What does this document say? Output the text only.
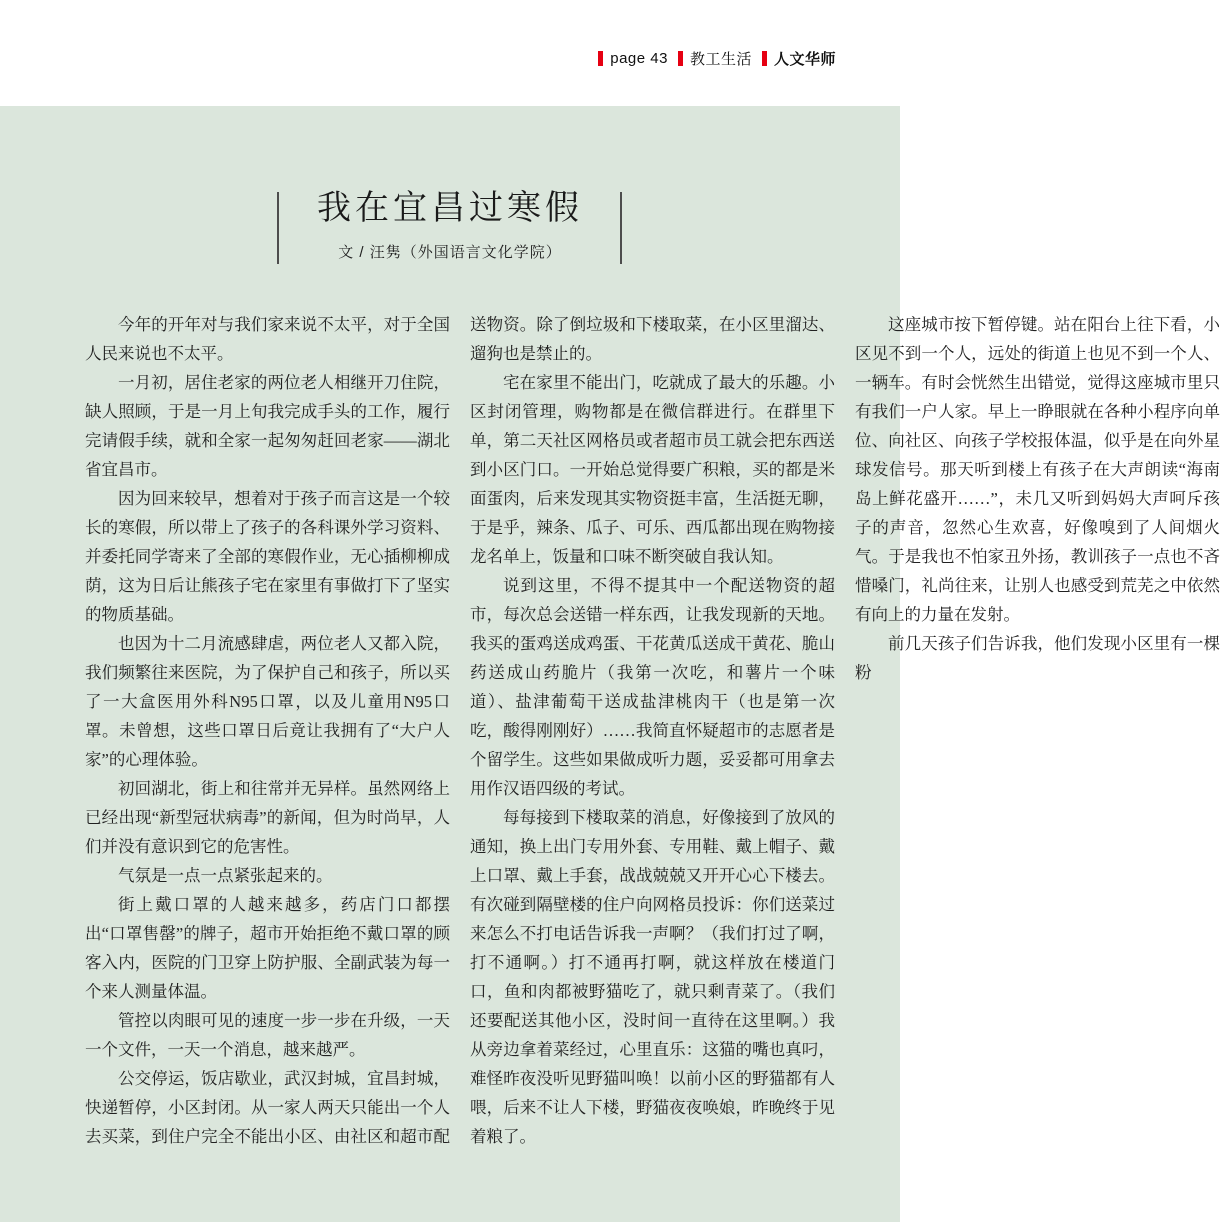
page 43 教工生活 人文华师
我在宜昌过寒假
文 / 汪隽（外国语言文化学院）

今年的开年对与我们家来说不太平，对于全国人民来说也不太平。

一月初，居住老家的两位老人相继开刀住院，缺人照顾，于是一月上旬我完成手头的工作，履行完请假手续，就和全家一起匆匆赶回老家——湖北省宜昌市。

因为回来较早，想着对于孩子而言这是一个较长的寒假，所以带上了孩子的各科课外学习资料、并委托同学寄来了全部的寒假作业，无心插柳柳成荫，这为日后让熊孩子宅在家里有事做打下了坚实的物质基础。

也因为十二月流感肆虐，两位老人又都入院，我们频繁往来医院，为了保护自己和孩子，所以买了一大盒医用外科N95口罩，以及儿童用N95口罩。未曾想，这些口罩日后竟让我拥有了“大户人家”的心理体验。

初回湖北，街上和往常并无异样。虽然网络上已经出现“新型冠状病毒”的新闻，但为时尚早，人们并没有意识到它的危害性。

气氛是一点一点紧张起来的。

街上戴口罩的人越来越多，药店门口都摆出“口罩售罄”的牌子，超市开始拒绝不戴口罩的顾客入内，医院的门卫穿上防护服、全副武装为每一个来人测量体温。

管控以肉眼可见的速度一步一步在升级，一天一个文件，一天一个消息，越来越严。

公交停运，饭店歇业，武汉封城，宜昌封城，快递暂停，小区封闭。从一家人两天只能出一个人去买菜，到住户完全不能出小区、由社区和超市配送物资。除了倒垃圾和下楼取菜，在小区里溜达、遛狗也是禁止的。

宅在家里不能出门，吃就成了最大的乐趣。小区封闭管理，购物都是在微信群进行。在群里下单，第二天社区网格员或者超市员工就会把东西送到小区门口。一开始总觉得要广积粮，买的都是米面蛋肉，后来发现其实物资挺丰富，生活挺无聊，于是乎，辣条、瓜子、可乐、西瓜都出现在购物接龙名单上，饭量和口味不断突破自我认知。

说到这里，不得不提其中一个配送物资的超市，每次总会送错一样东西，让我发现新的天地。我买的蛋鸡送成鸡蛋、干花黄瓜送成干黄花、脆山药送成山药脆片（我第一次吃，和薯片一个味道）、盐津葡萄干送成盐津桃肉干（也是第一次吃，酸得刚刚好）……我简直怀疑超市的志愿者是个留学生。这些如果做成听力题，妥妥都可用拿去用作汉语四级的考试。

每每接到下楼取菜的消息，好像接到了放风的通知，换上出门专用外套、专用鞋、戴上帽子、戴上口罩、戴上手套，战战兢兢又开开心心下楼去。有次碰到隔壁楼的住户向网格员投诉：你们送菜过来怎么不打电话告诉我一声啊？（我们打过了啊，打不通啊。）打不通再打啊，就这样放在楼道门口，鱼和肉都被野猫吃了，就只剩青菜了。（我们还要配送其他小区，没时间一直待在这里啊。）我从旁边拿着菜经过，心里直乐：这猫的嘴也真叼，难怪昨夜没听见野猫叫唤！以前小区的野猫都有人喂，后来不让人下楼，野猫夜夜唤娘，昨晚终于见着粮了。

这座城市按下暂停键。站在阳台上往下看，小区见不到一个人，远处的街道上也见不到一个人、一辆车。有时会恍然生出错觉，觉得这座城市里只有我们一户人家。早上一睁眼就在各种小程序向单位、向社区、向孩子学校报体温，似乎是在向外星球发信号。那天听到楼上有孩子在大声朗读“海南岛上鲜花盛开……”，未几又听到妈妈大声呵斥孩子的声音，忽然心生欢喜，好像嗅到了人间烟火气。于是我也不怕家丑外扬，教训孩子一点也不吝惜嗓门，礼尚往来，让别人也感受到荒芜之中依然有向上的力量在发射。

前几天孩子们告诉我，他们发现小区里有一棵粉
